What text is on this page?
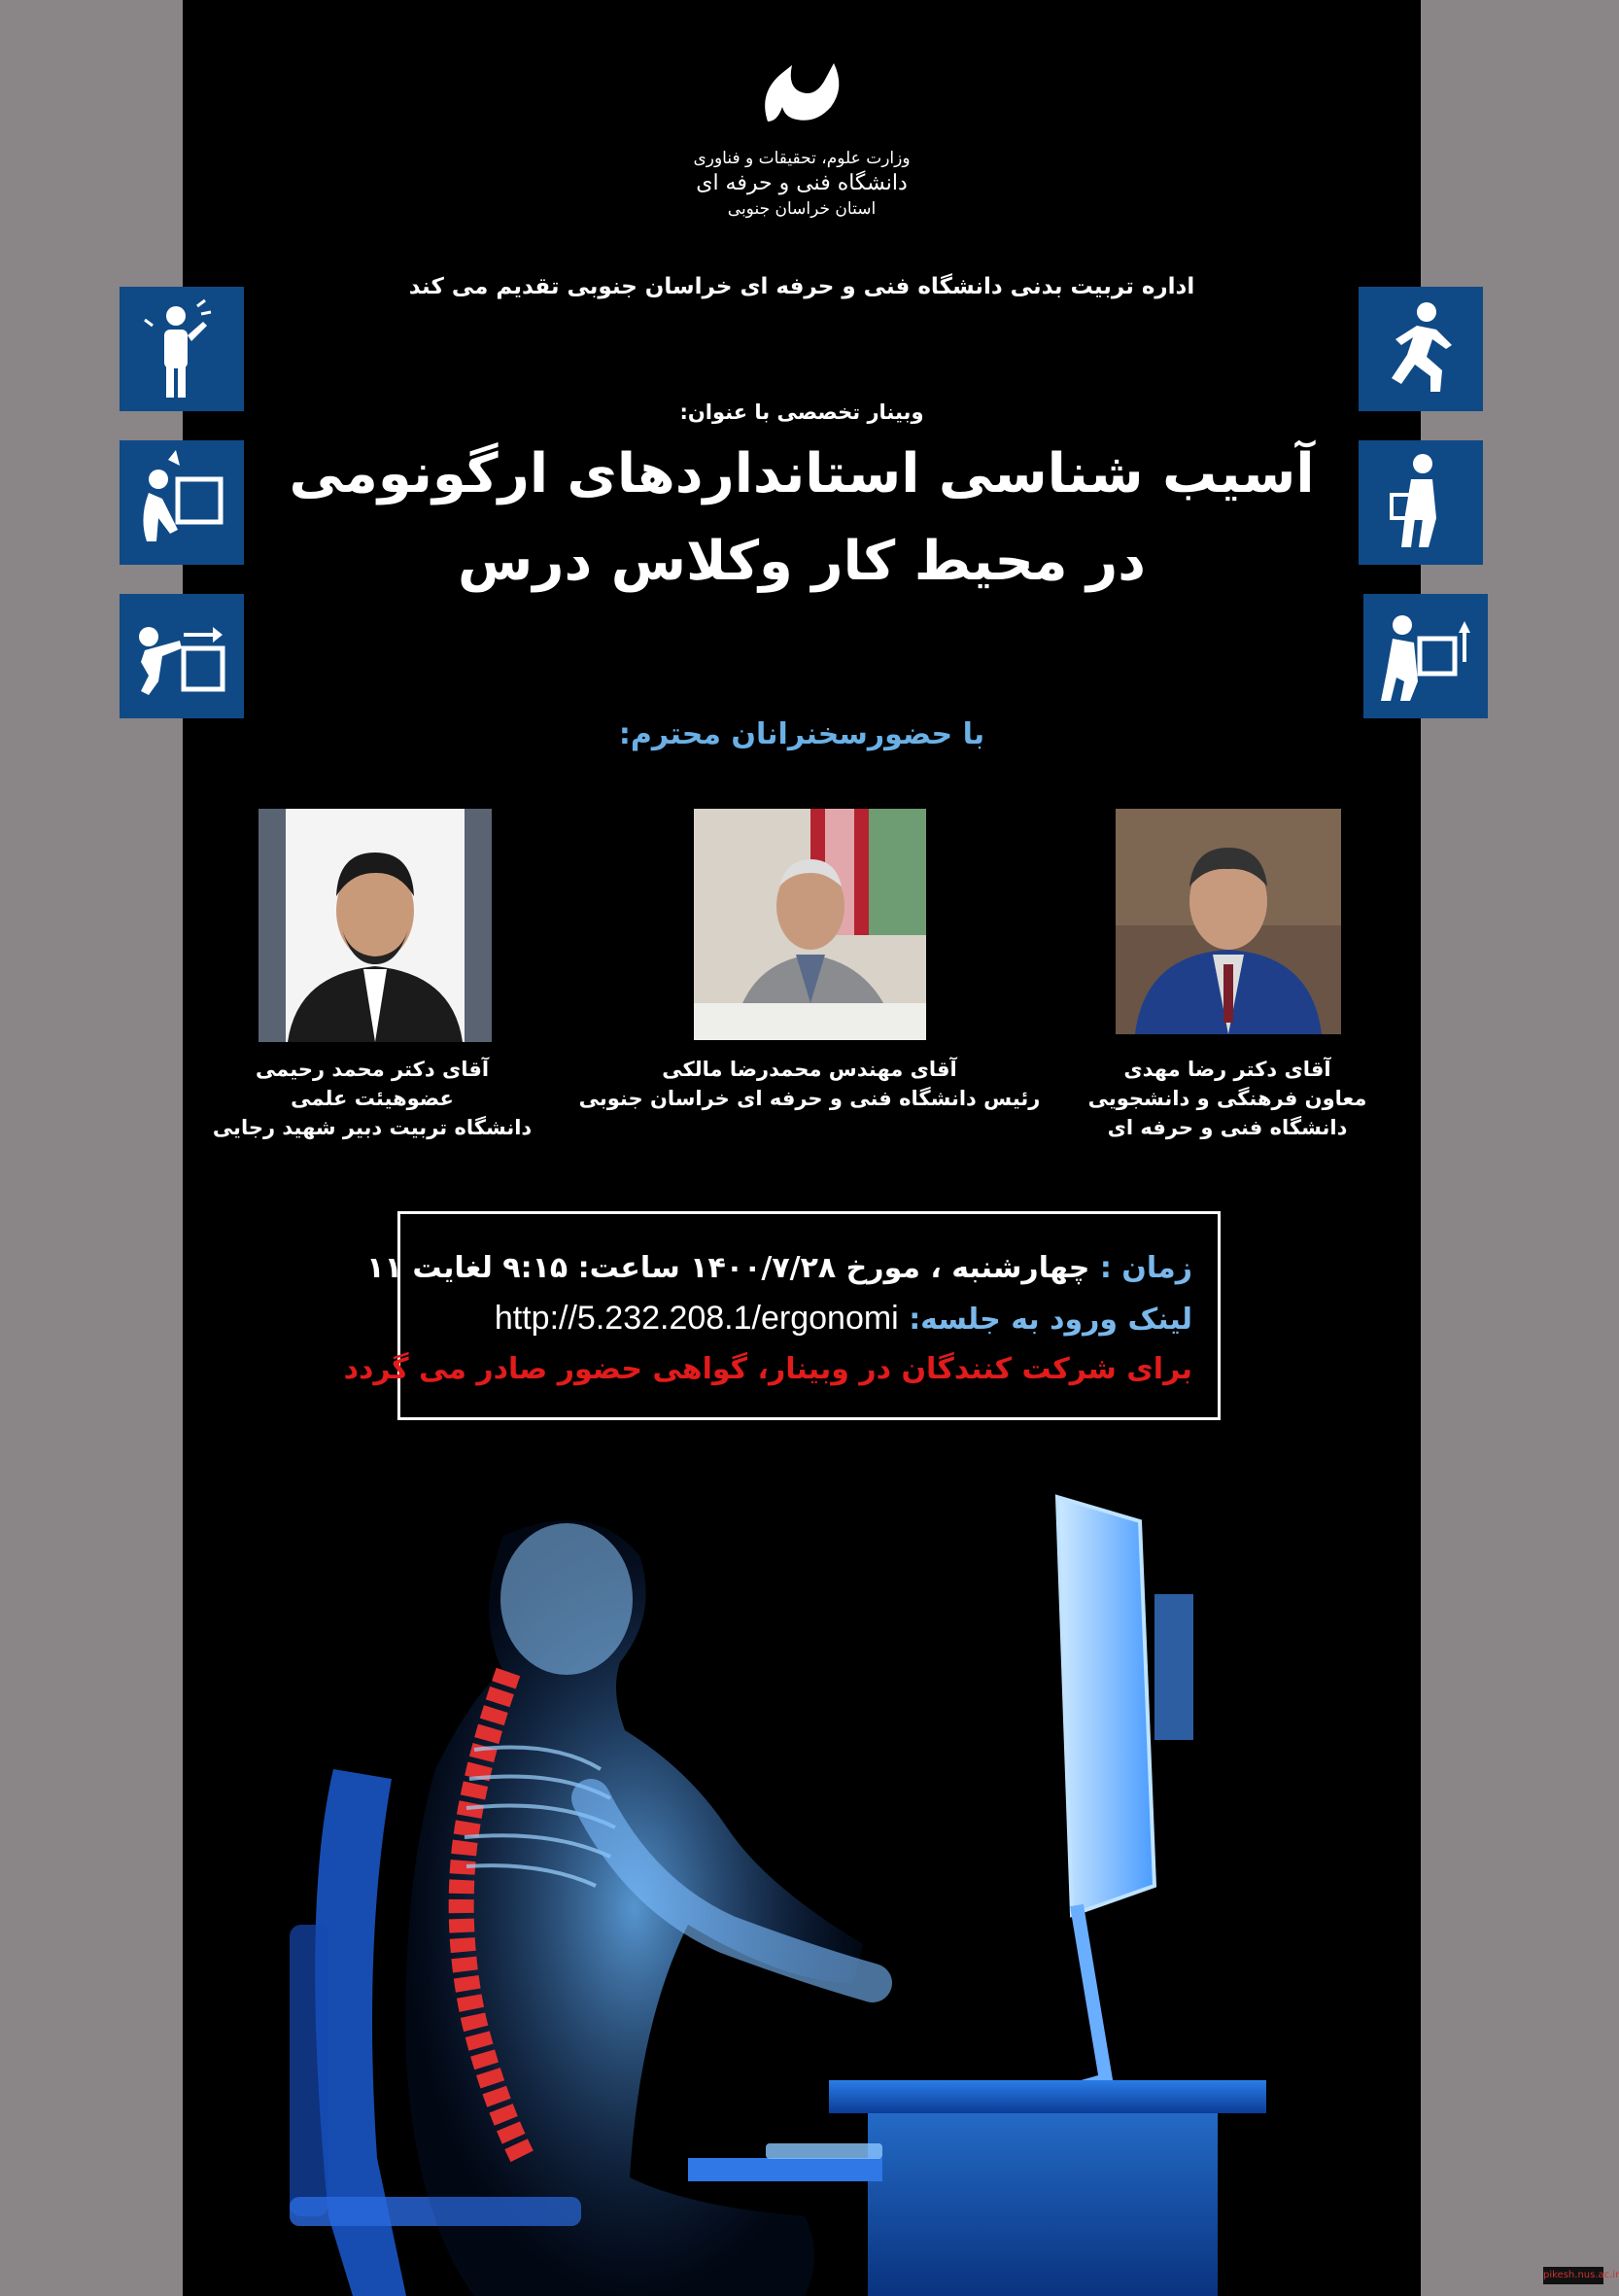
وزارت علوم، تحقیقات و فناوری
دانشگاه فنی و حرفه ای
استان خراسان جنوبی
اداره تربیت بدنی دانشگاه فنی و حرفه ای خراسان جنوبی تقدیم می کند
وبینار تخصصی با عنوان:
آسیب شناسی استانداردهای ارگونومی
در محیط کار وکلاس درس
با حضورسخنرانان محترم:
آقای دکتر رضا مهدی
معاون فرهنگی و دانشجویی
دانشگاه فنی و حرفه ای
آقای مهندس محمدرضا مالکی
رئیس دانشگاه فنی و حرفه ای خراسان جنوبی
آقای دکتر محمد رحیمی
عضوهیئت علمی
دانشگاه تربیت دبیر شهید رجایی
زمان : چهارشنبه ، مورخ ۱۴۰۰/۷/۲۸ ساعت: ۹:۱۵ لغایت ۱۱
لینک ورود به جلسه: http://5.232.208.1/ergonomi
برای شرکت کنندگان در وبینار، گواهی حضور صادر می گردد
pikesh.nus.ac.ir
